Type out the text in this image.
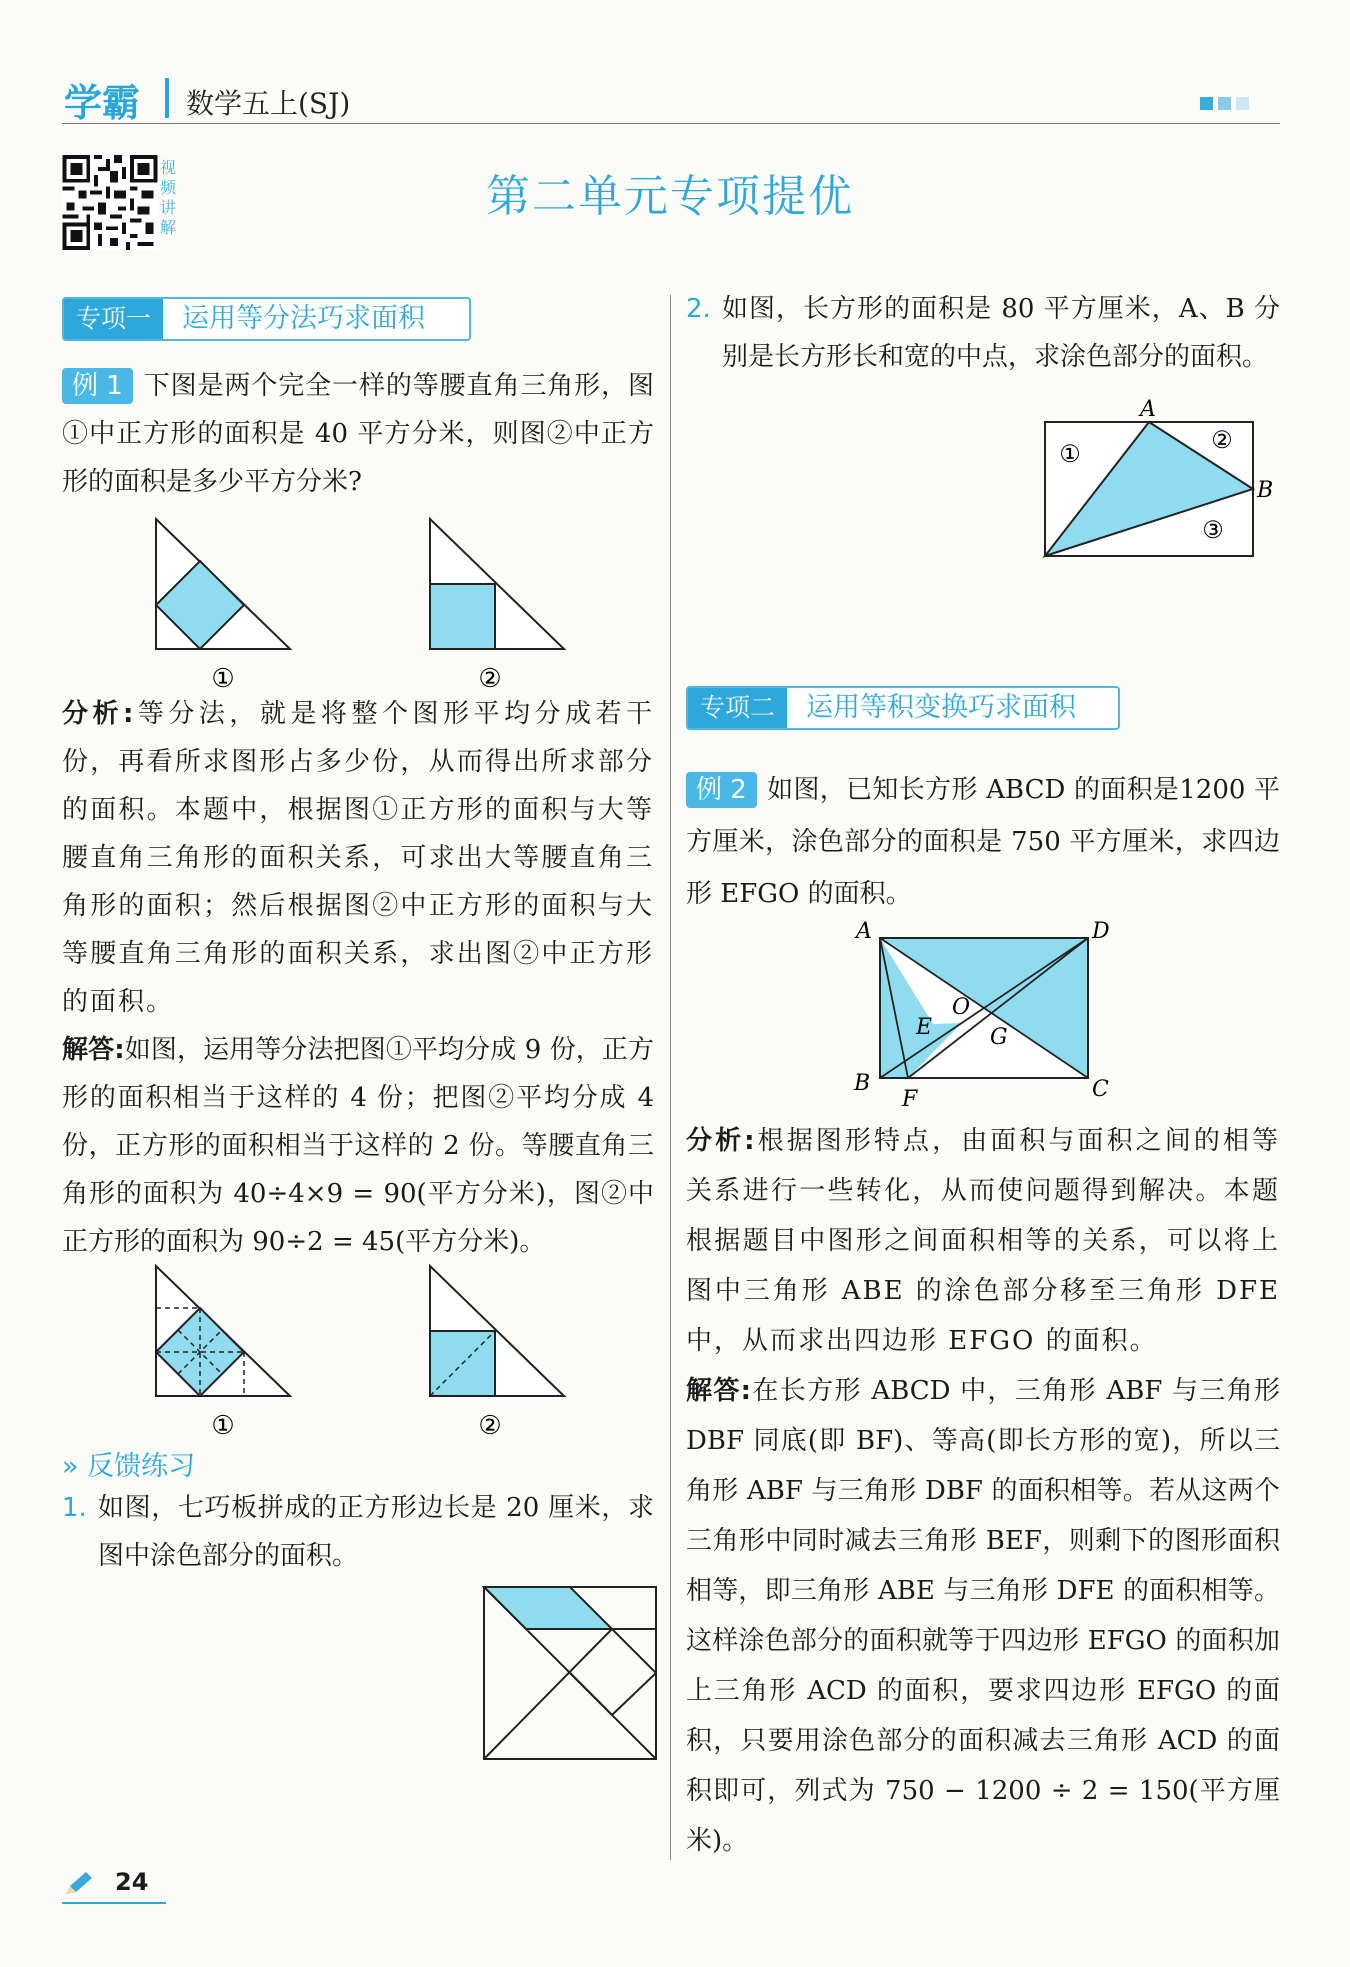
学霸 数学五上(SJ)
视频讲解
第二单元专项提优
专项一	运用等分法巧求面积
例 1 下图是两个完全一样的等腰直角三角形，图①中正方形的面积是 40 平方分米，则图②中正方形的面积是多少平方分米?
①	②
分析:等分法，就是将整个图形平均分成若干份，再看所求图形占多少份，从而得出所求部分的面积。本题中，根据图①正方形的面积与大等腰直角三角形的面积关系，可求出大等腰直角三角形的面积；然后根据图②中正方形的面积与大等腰直角三角形的面积关系，求出图②中正方形的面积。
解答:如图，运用等分法把图①平均分成 9 份，正方形的面积相当于这样的 4 份；把图②平均分成 4 份，正方形的面积相当于这样的 2 份。等腰直角三角形的面积为 40÷4×9 = 90(平方分米)，图②中正方形的面积为 90÷2 = 45(平方分米)。
①	②
» 反馈练习
1. 如图，七巧板拼成的正方形边长是 20 厘米，求图中涂色部分的面积。
2. 如图，长方形的面积是 80 平方厘米，A、B 分别是长方形长和宽的中点，求涂色部分的面积。
A
B
①	②
③
专项二	运用等积变换巧求面积
例 2 如图，已知长方形 ABCD 的面积是1200 平方厘米，涂色部分的面积是 750 平方厘米，求四边形 EFGO 的面积。
A	D
B	C
E
O
G
F
分析:根据图形特点，由面积与面积之间的相等关系进行一些转化，从而使问题得到解决。本题根据题目中图形之间面积相等的关系，可以将上图中三角形 ABE 的涂色部分移至三角形 DFE 中，从而求出四边形 EFGO 的面积。
解答:在长方形 ABCD 中，三角形 ABF 与三角形 DBF 同底(即 BF)、等高(即长方形的宽)，所以三角形 ABF 与三角形 DBF 的面积相等。若从这两个三角形中同时减去三角形 BEF，则剩下的图形面积相等，即三角形 ABE 与三角形 DFE 的面积相等。这样涂色部分的面积就等于四边形 EFGO 的面积加上三角形 ACD 的面积，要求四边形 EFGO 的面积，只要用涂色部分的面积减去三角形 ACD 的面积即可，列式为 750 − 1200 ÷ 2 = 150(平方厘米)。
24
